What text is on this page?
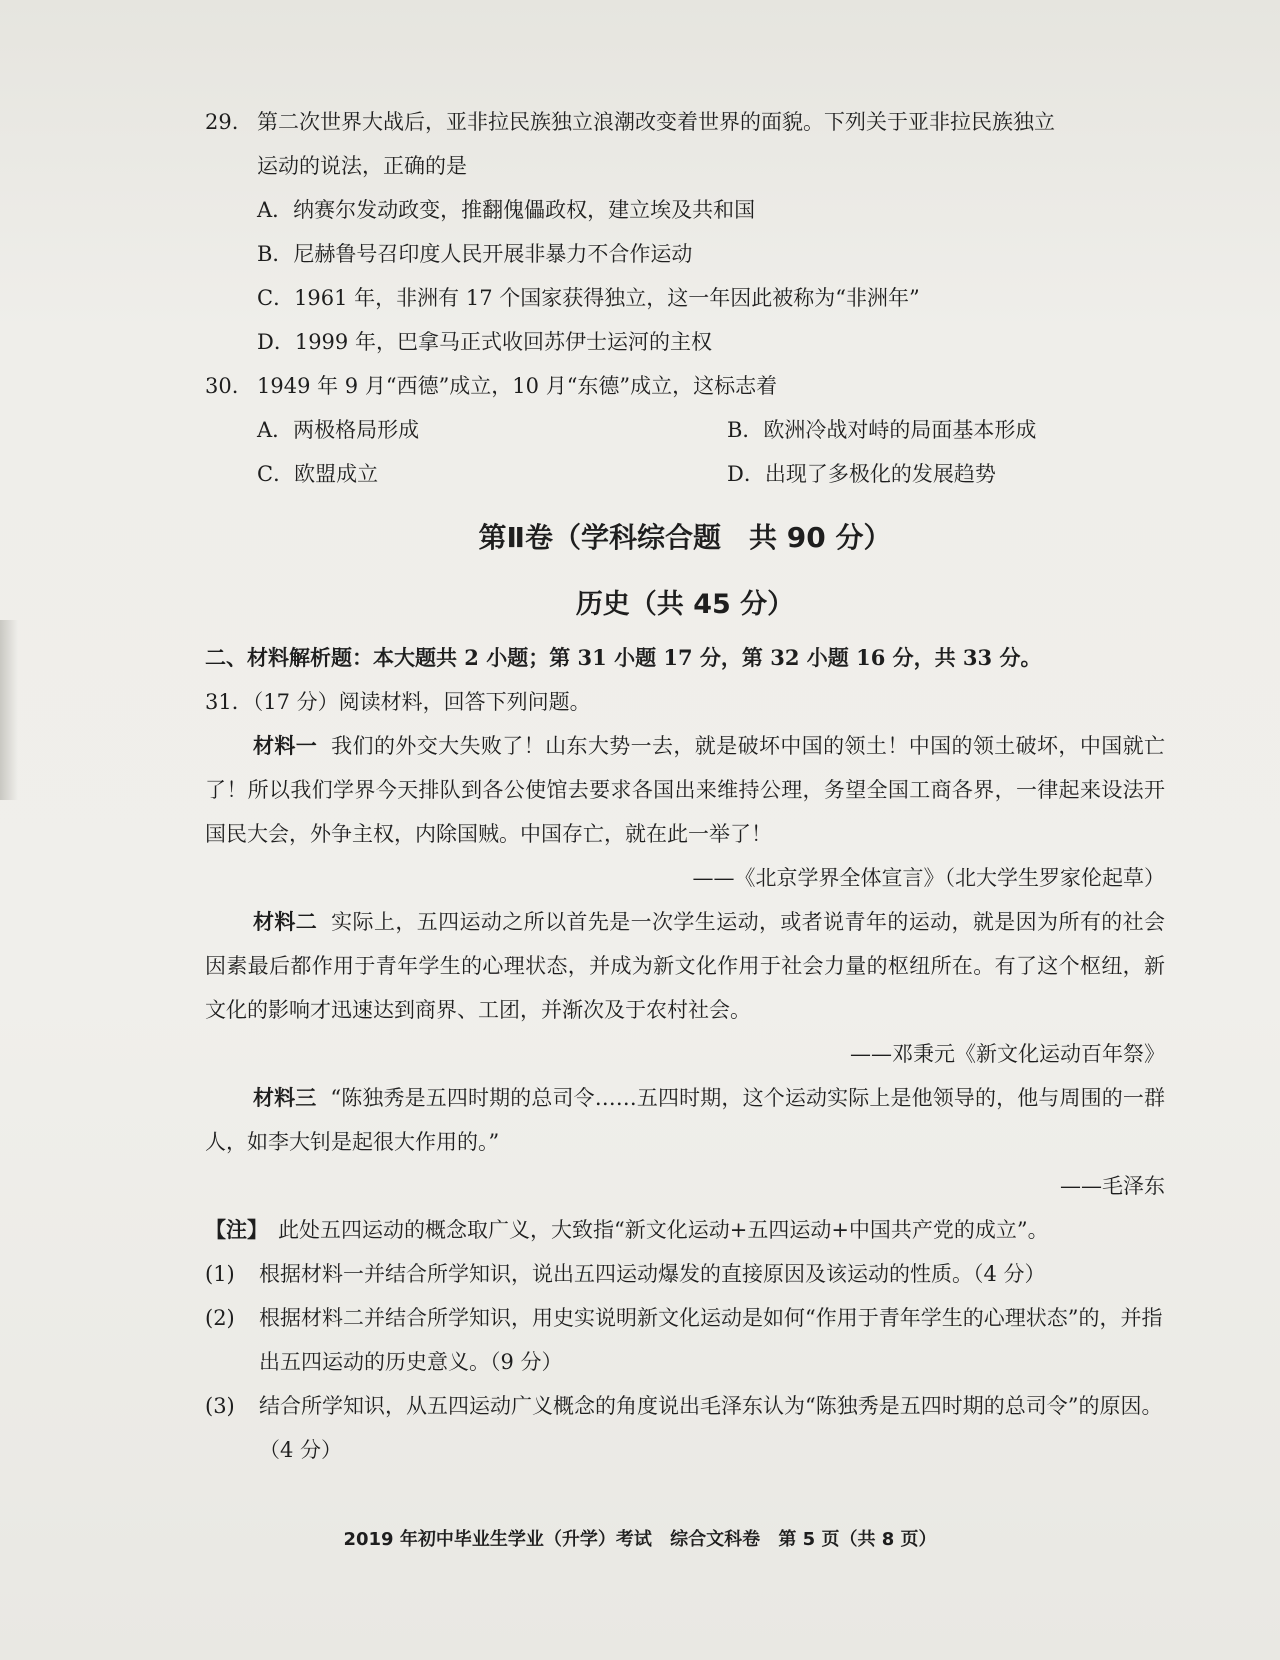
29. 第二次世界大战后，亚非拉民族独立浪潮改变着世界的面貌。下列关于亚非拉民族独立
运动的说法，正确的是
A．纳赛尔发动政变，推翻傀儡政权，建立埃及共和国
B．尼赫鲁号召印度人民开展非暴力不合作运动
C．1961 年，非洲有 17 个国家获得独立，这一年因此被称为“非洲年”
D．1999 年，巴拿马正式收回苏伊士运河的主权
30. 1949 年 9 月“西德”成立，10 月“东德”成立，这标志着
A．两极格局形成	B．欧洲冷战对峙的局面基本形成
C．欧盟成立	D．出现了多极化的发展趋势
第Ⅱ卷（学科综合题　共 90 分）
历史（共 45 分）
二、材料解析题：本大题共 2 小题；第 31 小题 17 分，第 32 小题 16 分，共 33 分。
31．（17 分）阅读材料，回答下列问题。
材料一 我们的外交大失败了！山东大势一去，就是破坏中国的领土！中国的领土破坏，中国就亡了！所以我们学界今天排队到各公使馆去要求各国出来维持公理，务望全国工商各界，一律起来设法开国民大会，外争主权，内除国贼。中国存亡，就在此一举了！
——《北京学界全体宣言》（北大学生罗家伦起草）
材料二 实际上，五四运动之所以首先是一次学生运动，或者说青年的运动，就是因为所有的社会因素最后都作用于青年学生的心理状态，并成为新文化作用于社会力量的枢纽所在。有了这个枢纽，新文化的影响才迅速达到商界、工团，并渐次及于农村社会。
——邓秉元《新文化运动百年祭》
材料三 “陈独秀是五四时期的总司令……五四时期，这个运动实际上是他领导的，他与周围的一群人，如李大钊是起很大作用的。”
——毛泽东
【注】 此处五四运动的概念取广义，大致指“新文化运动+五四运动+中国共产党的成立”。
(1)	根据材料一并结合所学知识，说出五四运动爆发的直接原因及该运动的性质。（4 分）
(2)	根据材料二并结合所学知识，用史实说明新文化运动是如何“作用于青年学生的心理状态”的，并指出五四运动的历史意义。（9 分）
(3)	结合所学知识，从五四运动广义概念的角度说出毛泽东认为“陈独秀是五四时期的总司令”的原因。（4 分）
2019 年初中毕业生学业（升学）考试 综合文科卷 第 5 页（共 8 页）
